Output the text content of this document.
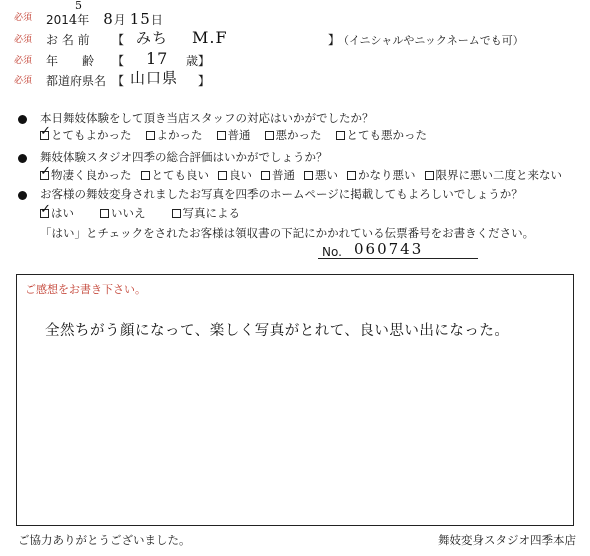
必須 201 4 年 8 月 15 日
5
必須 お 名 前 【 みち M.F	】
（イニシャルやニックネームでも可）
必須 年　　齢 【 17 歳】
必須 都道府県名 【 山口県 】
本日舞妓体験をして頂き当店スタッフの対応はいかがでしたか？
✓
とてもよかった よかった 普通 悪かった とても悪かった
舞妓体験スタジオ四季の総合評価はいかがでしょうか？
✓
物凄く良かった とても良い 良い 普通 悪い かなり悪い 限界に悪い二度と来ない
お客様の舞妓変身されましたお写真を四季のホームページに掲載してもよろしいでしょうか？
✓
はい	いいえ	写真による
「はい」とチェックをされたお客様は領収書の下記にかかれている伝票番号をお書きください。
No. 060743
ご感想をお書き下さい。
全然ちがう顔になって、楽しく写真がとれて、良い思い出になった。
ご協力ありがとうございました。	舞妓変身スタジオ四季本店
